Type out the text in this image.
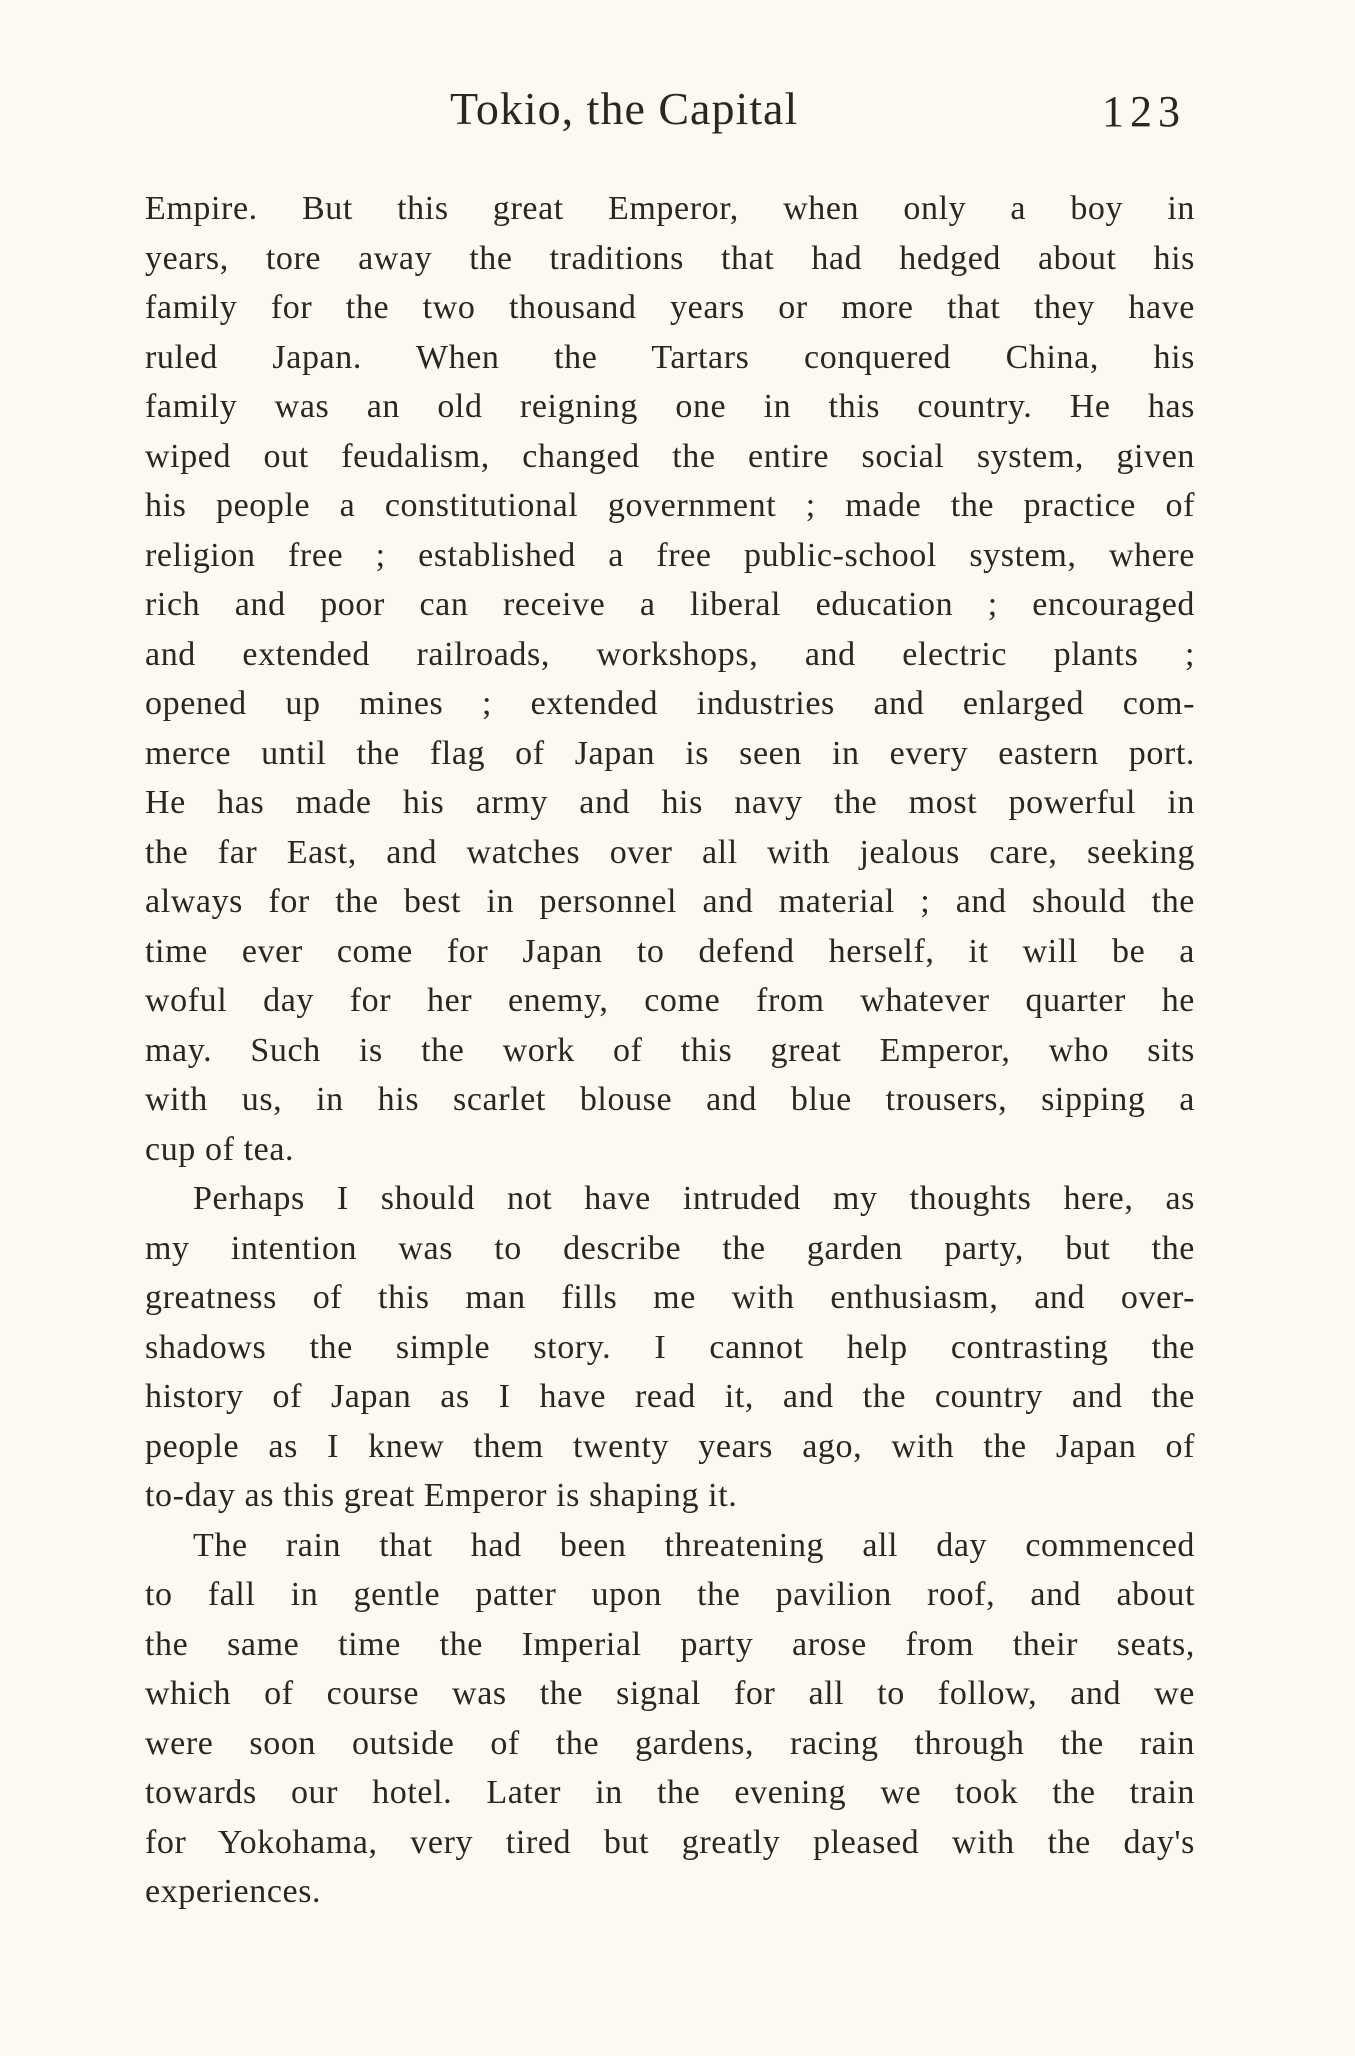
Tokio, the Capital	123
Empire. But this great Emperor, when only a boy in
years, tore away the traditions that had hedged about his
family for the two thousand years or more that they have
ruled Japan. When the Tartars conquered China, his
family was an old reigning one in this country. He has
wiped out feudalism, changed the entire social system, given
his people a constitutional government ; made the practice of
religion free ; established a free public-school system, where
rich and poor can receive a liberal education ; encouraged
and extended railroads, workshops, and electric plants ;
opened up mines ; extended industries and enlarged com-
merce until the flag of Japan is seen in every eastern port.
He has made his army and his navy the most powerful in
the far East, and watches over all with jealous care, seeking
always for the best in personnel and material ; and should the
time ever come for Japan to defend herself, it will be a
woful day for her enemy, come from whatever quarter he
may. Such is the work of this great Emperor, who sits
with us, in his scarlet blouse and blue trousers, sipping a
cup of tea.
Perhaps I should not have intruded my thoughts here, as
my intention was to describe the garden party, but the
greatness of this man fills me with enthusiasm, and over-
shadows the simple story. I cannot help contrasting the
history of Japan as I have read it, and the country and the
people as I knew them twenty years ago, with the Japan of
to-day as this great Emperor is shaping it.
The rain that had been threatening all day commenced
to fall in gentle patter upon the pavilion roof, and about
the same time the Imperial party arose from their seats,
which of course was the signal for all to follow, and we
were soon outside of the gardens, racing through the rain
towards our hotel. Later in the evening we took the train
for Yokohama, very tired but greatly pleased with the day's
experiences.
